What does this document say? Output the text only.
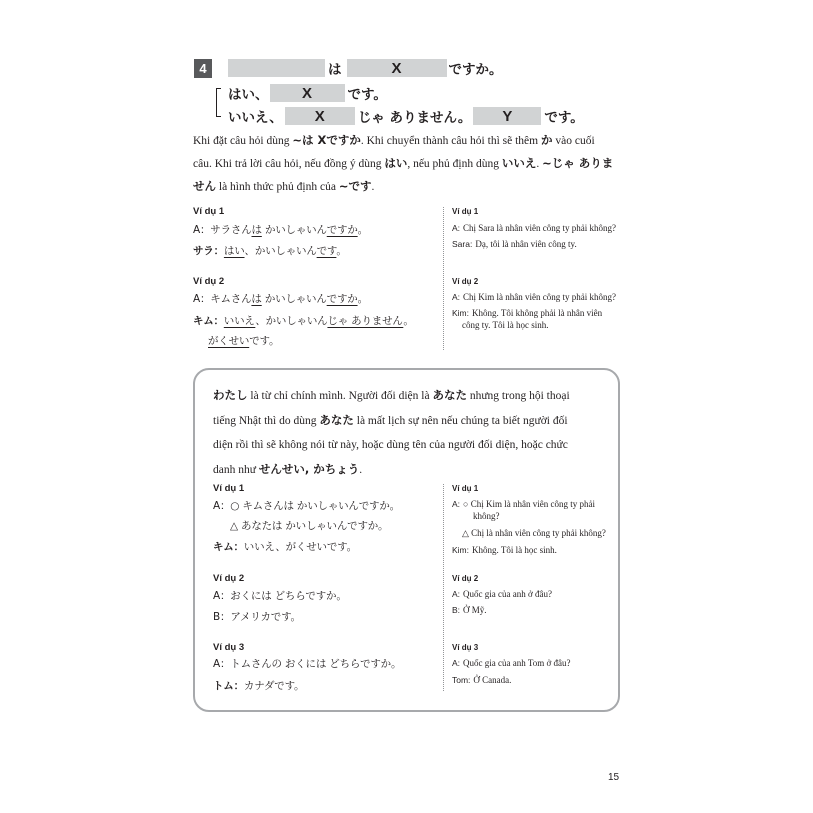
4	は	X	ですか。
はい、	X	です。
いいえ、	X	じゃ ありません。	Y	です。
Khi đặt câu hỏi dùng ~は Xですか. Khi chuyển thành câu hỏi thì sẽ thêm か vào cuối
câu. Khi trả lời câu hỏi, nếu đồng ý dùng はい, nếu phủ định dùng いいえ. ~じゃ ありま
せん là hình thức phủ định của ~です.
Ví dụ 1
A：サラさんは かいしゃいんですか。
サラ：はい、かいしゃいんです。
Ví dụ 2
A：キムさんは かいしゃいんですか。
キム：いいえ、かいしゃいんじゃ ありません。
がくせいです。
Ví dụ 1
A: Chị Sara là nhân viên công ty phải không?
Sara: Dạ, tôi là nhân viên công ty.
Ví dụ 2
A: Chị Kim là nhân viên công ty phải không?
Kim: Không. Tôi không phải là nhân viên
công ty. Tôi là học sinh.
わたし là từ chỉ chính mình. Người đối diện là あなた nhưng trong hội thoại
tiếng Nhật thì do dùng あなた là mất lịch sự nên nếu chúng ta biết người đối
diện rồi thì sẽ không nói từ này, hoặc dùng tên của người đối diện, hoặc chức
danh như せんせい, かちょう.
Ví dụ 1
A：○ キムさんは かいしゃいんですか。
△ あなたは かいしゃいんですか。
キム：いいえ、がくせいです。
Ví dụ 1
A: ○ Chị Kim là nhân viên công ty phải
không?
△ Chị là nhân viên công ty phải không?
Kim: Không. Tôi là học sinh.
Ví dụ 2
A：おくには どちらですか。
B：アメリカです。
Ví dụ 2
A: Quốc gia của anh ở đâu?
B: Ở Mỹ.
Ví dụ 3
A：トムさんの おくには どちらですか。
トム：カナダです。
Ví dụ 3
A: Quốc gia của anh Tom ở đâu?
Tom: Ở Canada.
15
